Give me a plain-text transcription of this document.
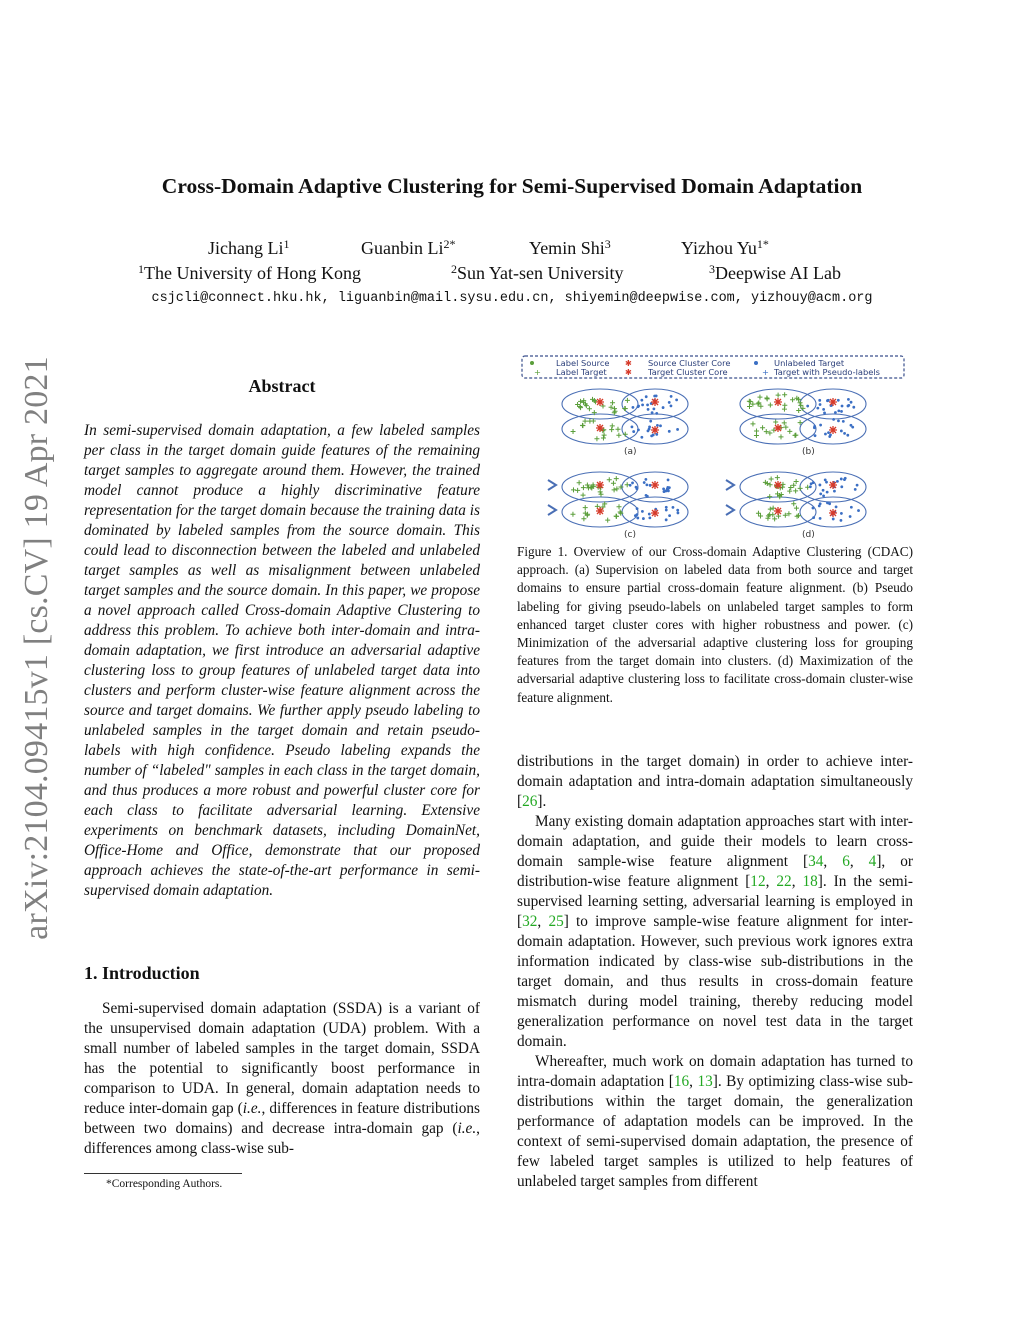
Cross-Domain Adaptive Clustering for Semi-Supervised Domain Adaptation
Jichang Li$^1$	Guanbin $Li^{2*}$	Yemin Shi$^3$	Yizhou $Yu^{1*}$
$^1$The University of Hong Kong	$^2$Sun Yat-sen University	$^3$Deepwise AI Lab
csjcli@connect.hku.hk, liguanbin@mail.sysu.edu.cn, shiyemin@deepwise.com, yizhouy@acm.org
arXiv:2104.09415v1 [cs.CV] 19 Apr 2021	Abstract
In semi-supervised domain adaptation, a few labeled samples per class in the target domain guide features of the remaining target samples to aggregate around them. However, the trained model cannot produce a highly discriminative feature representation for the target domain because the training data is dominated by labeled samples from the source domain. This could lead to disconnection between the labeled and unlabeled target samples as well as misalignment between unlabeled target samples and the source domain. In this paper, we propose a novel approach called Cross-domain Adaptive Clustering to address this problem. To achieve both inter-domain and intra-domain adaptation, we first introduce an adversarial adaptive clustering loss to group features of unlabeled target data into clusters and perform cluster-wise feature alignment across the source and target domains. We further apply pseudo labeling to unlabeled samples in the target domain and retain pseudo-labels with high confidence. Pseudo labeling expands the number of “labeled" samples in each class in the target domain, and thus produces a more robust and powerful cluster core for each class to facilitate adversarial learning. Extensive experiments on benchmark datasets, including DomainNet, Office-Home and Office, demonstrate that our proposed approach achieves the state-of-the-art performance in semi-supervised domain adaptation.
1. Introduction
Semi-supervised domain adaptation (SSDA) is a variant of the unsupervised domain adaptation (UDA) problem. With a small number of labeled samples in the target domain, SSDA has the potential to significantly boost performance in comparison to UDA. In general, domain adaptation needs to reduce inter-domain gap (i.e., differences in feature distributions between two domains) and decrease intra-domain gap (i.e., differences among class-wise sub-
*Corresponding Authors.
Label Source ✱ Source Cluster Core	Unlabeled Target
+ Label Target ✱ Target Cluster Core	+ Target with Pseudo-labels
(a)	(b)
(c)	(d)
Figure 1. Overview of our Cross-domain Adaptive Clustering (CDAC) approach. (a) Supervision on labeled data from both source and target domains to ensure partial cross-domain feature alignment. (b) Pseudo labeling for giving pseudo-labels on unlabeled target samples to form enhanced target cluster cores with higher robustness and power. (c) Minimization of the adversarial adaptive clustering loss for grouping features from the target domain into clusters. (d) Maximization of the adversarial adaptive clustering loss to facilitate cross-domain cluster-wise feature alignment.

distributions in the target domain) in order to achieve inter-domain adaptation and intra-domain adaptation simultaneously [26].

Many existing domain adaptation approaches start with inter-domain adaptation, and guide their models to learn cross-domain sample-wise feature alignment [34, 6, 4], or distribution-wise feature alignment [12, 22, 18]. In the semi-supervised learning setting, adversarial learning is employed in [32, 25] to improve sample-wise feature alignment for inter-domain adaptation. However, such previous work ignores extra information indicated by class-wise sub-distributions in the target domain, and thus results in cross-domain feature mismatch during model training, thereby reducing model generalization performance on novel test data in the target domain.

Whereafter, much work on domain adaptation has turned to intra-domain adaptation [16, 13]. By optimizing class-wise sub-distributions within the target domain, the generalization performance of adaptation models can be improved. In the context of semi-supervised domain adaptation, the presence of few labeled target samples is utilized to help features of unlabeled target samples from different
